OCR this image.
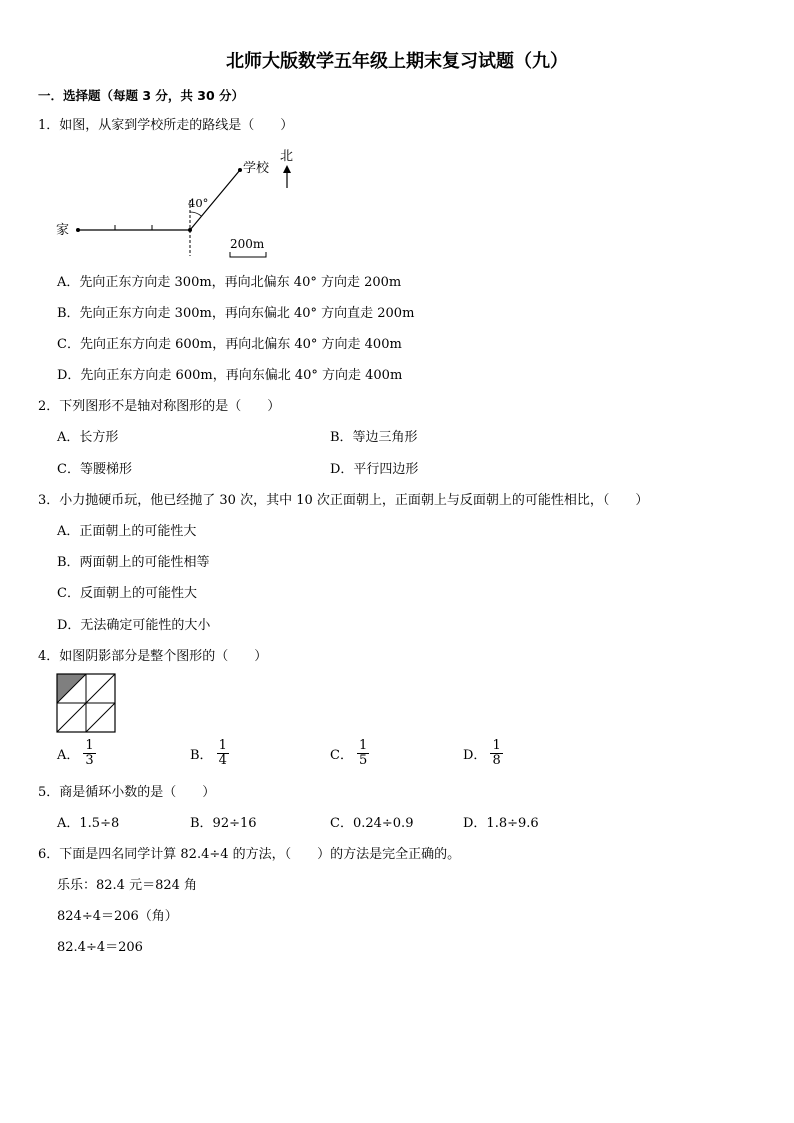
北师大版数学五年级上期末复习试题（九）
一．选择题（每题 3 分，共 30 分）
1．如图，从家到学校所走的路线是（　　）
家
学校
北
40°
200m
A．先向正东方向走 300m，再向北偏东 40° 方向走 200m
B．先向正东方向走 300m，再向东偏北 40° 方向直走 200m
C．先向正东方向走 600m，再向北偏东 40° 方向走 400m
D．先向正东方向走 600m，再向东偏北 40° 方向走 400m
2．下列图形不是轴对称图形的是（　　）
A．长方形	B．等边三角形
C．等腰梯形	D．平行四边形
3．小力抛硬币玩，他已经抛了 30 次，其中 10 次正面朝上，正面朝上与反面朝上的可能性相比，（　　）
A．正面朝上的可能性大
B．两面朝上的可能性相等
C．反面朝上的可能性大
D．无法确定可能性的大小
4．如图阴影部分是整个图形的（　　）
A． $\frac{1}{3}$	B． $\frac{1}{4}$	C． $\frac{1}{5}$	D． $\frac{1}{8}$
5．商是循环小数的是（　　）
A．1.5÷8	B．92÷16	C．0.24÷0.9	D．1.8÷9.6
6．下面是四名同学计算 82.4÷4 的方法，（　　）的方法是完全正确的。
乐乐：82.4 元＝824 角
824÷4＝206（角）
82.4÷4＝206
